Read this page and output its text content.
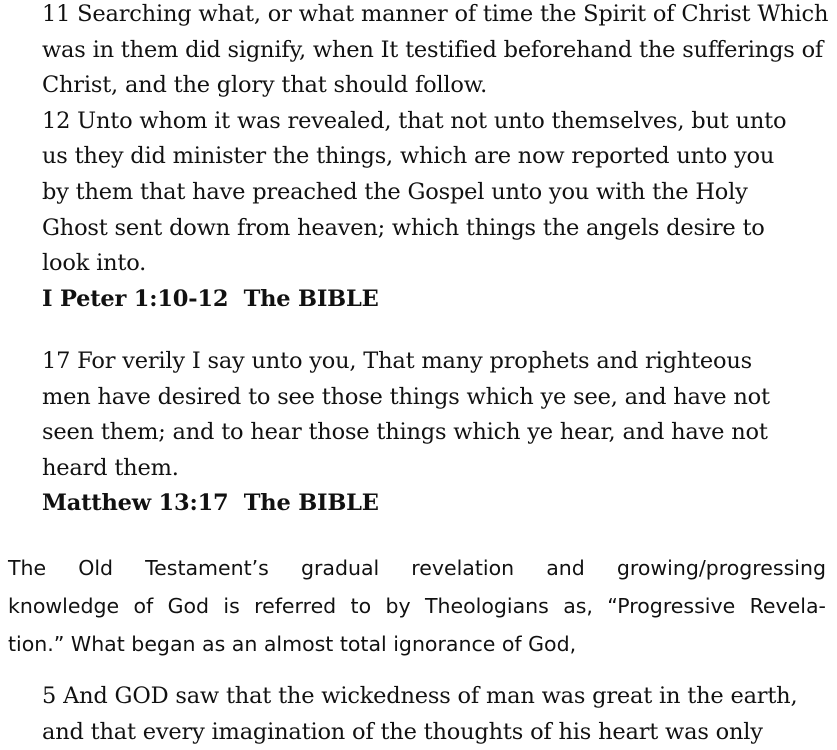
11 Searching what, or what manner of time the Spirit of Christ Which
was in them did signify, when It testified beforehand the sufferings of
Christ, and the glory that should follow.
12 Unto whom it was revealed, that not unto themselves, but unto
us they did minister the things, which are now reported unto you
by them that have preached the Gospel unto you with the Holy
Ghost sent down from heaven; which things the angels desire to
look into.
I Peter 1:10-12  The BIBLE
17 For verily I say unto you, That many prophets and righteous
men have desired to see those things which ye see, and have not
seen them; and to hear those things which ye hear, and have not
heard them.
Matthew 13:17  The BIBLE
The Old Testament’s gradual revelation and growing/progressing
knowledge of God is referred to by Theologians as, “Progressive Revela-
tion.” What began as an almost total ignorance of God,
5 And GOD saw that the wickedness of man was great in the earth,
and that every imagination of the thoughts of his heart was only
